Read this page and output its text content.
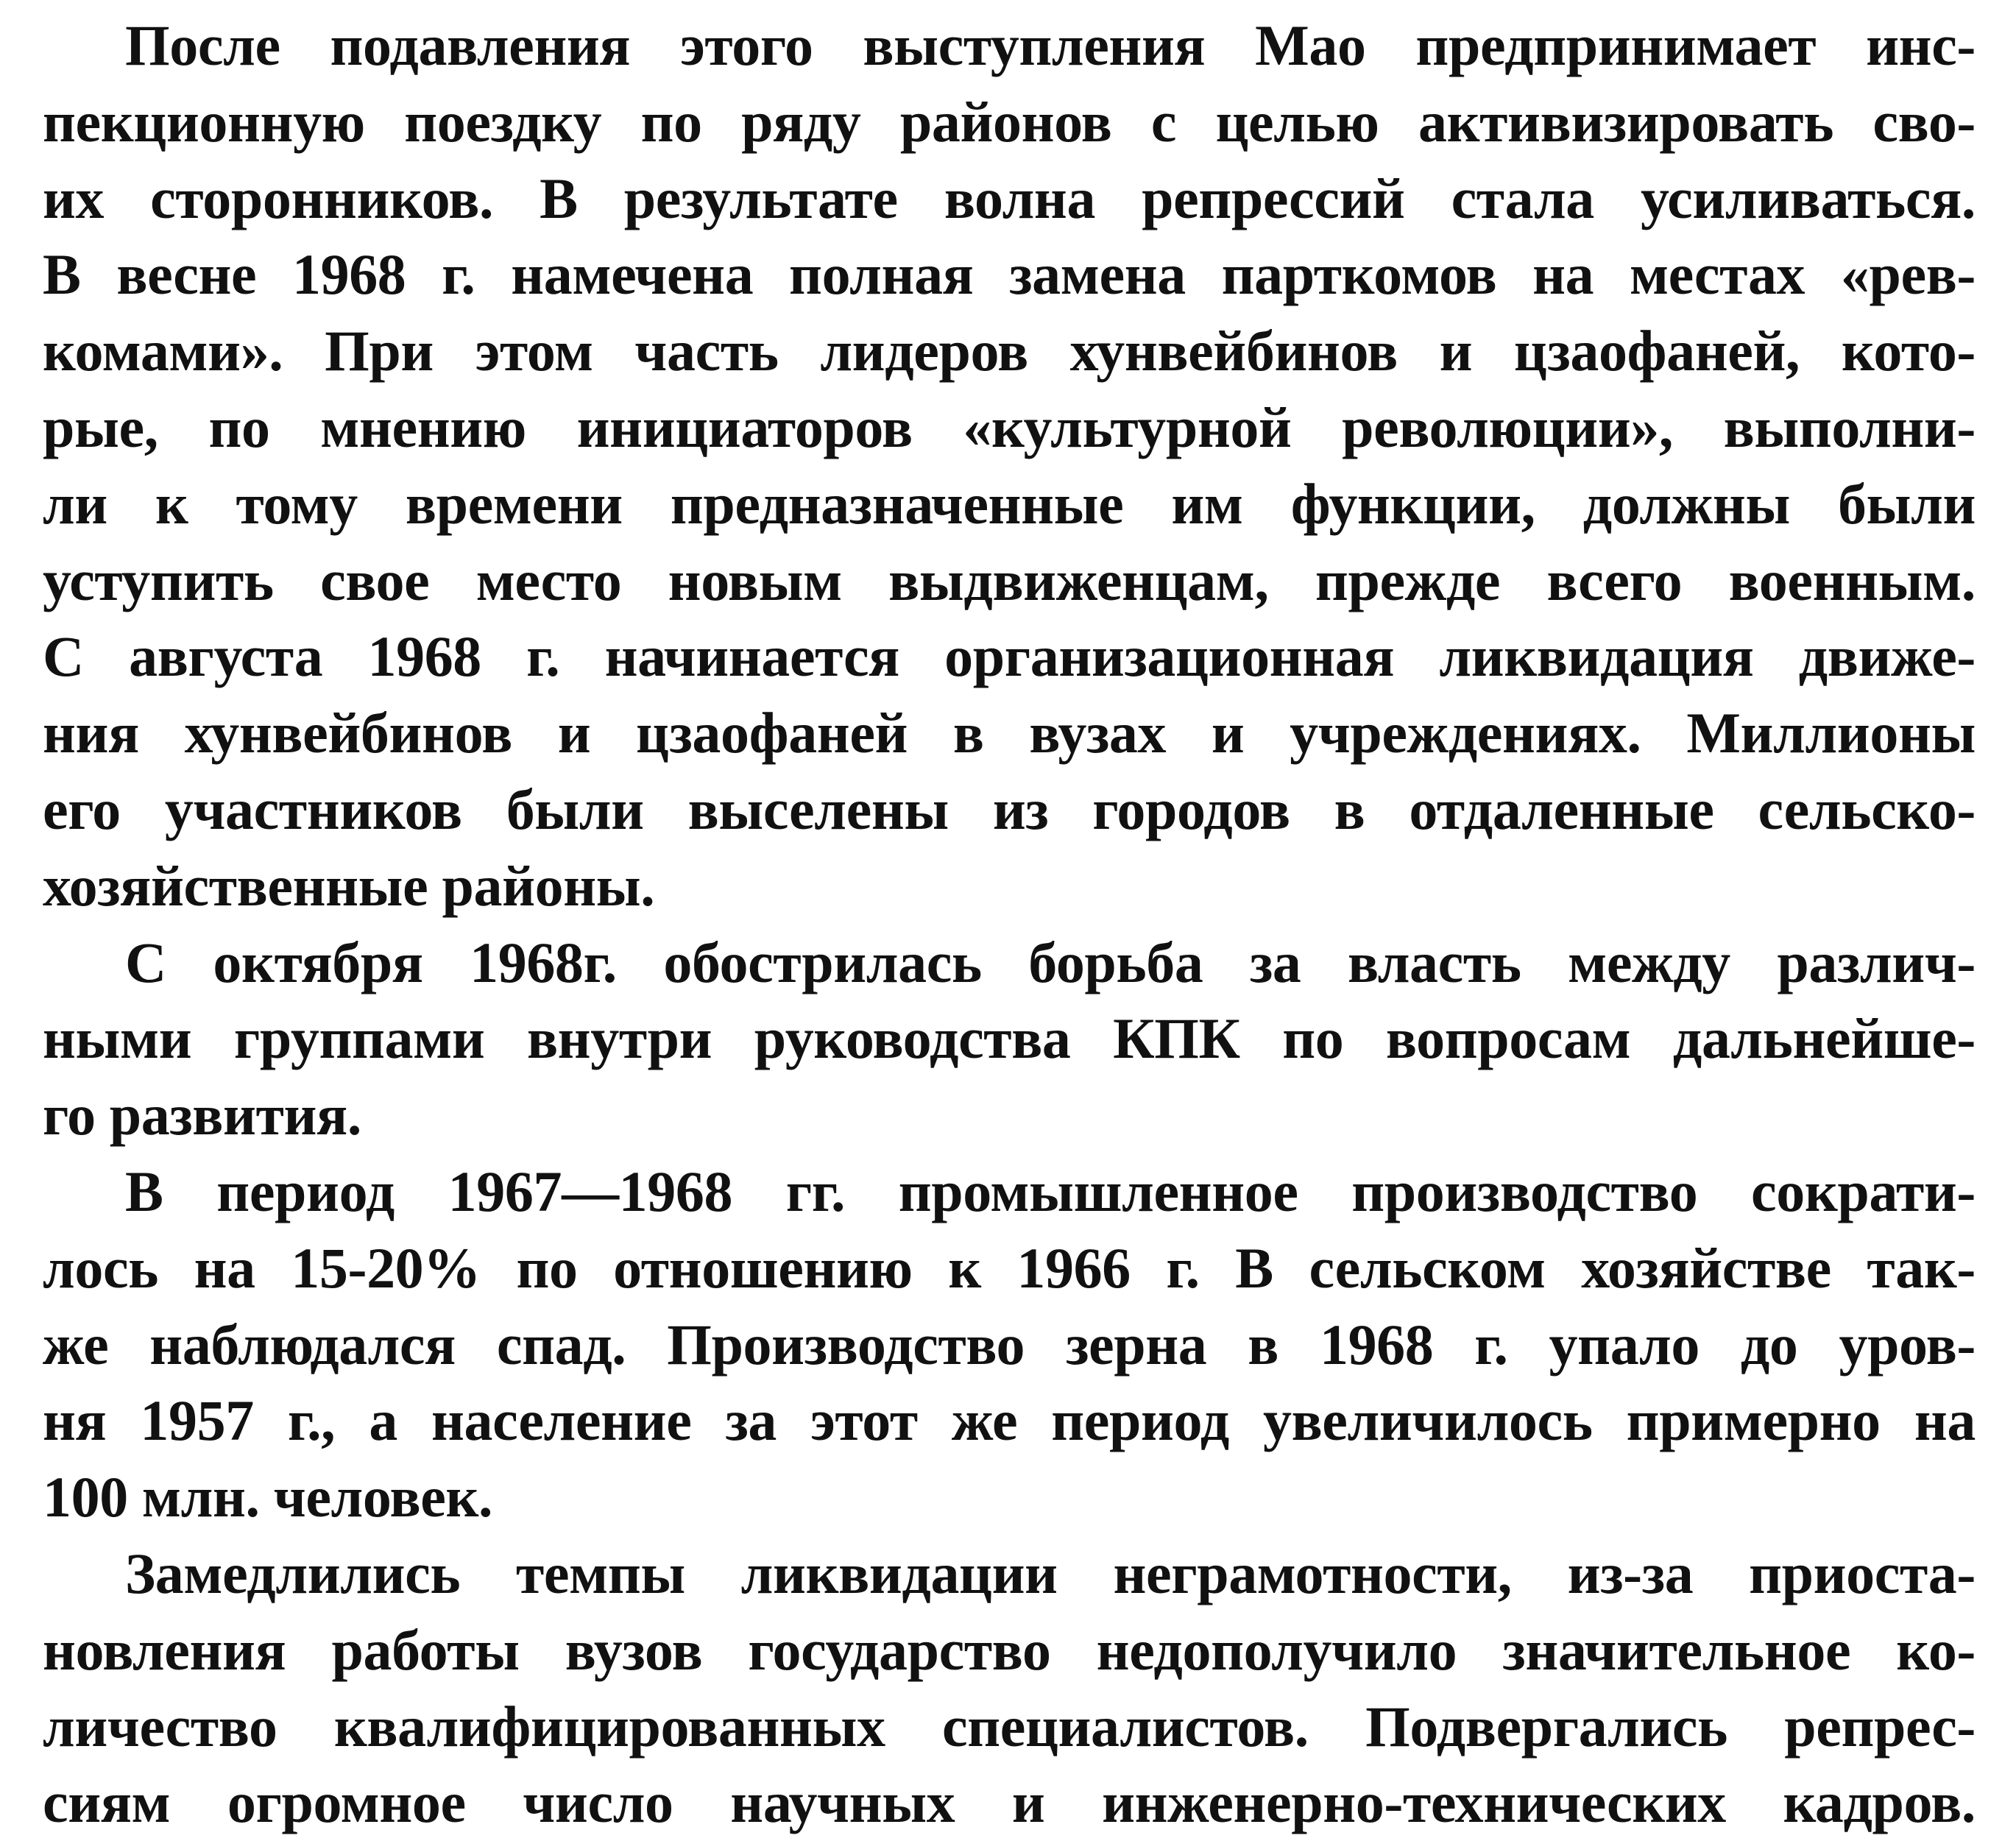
После подавления этого выступления Мао предпринимает инс-
пекционную поездку по ряду районов с целью активизировать сво-
их сторонников. В результате волна репрессий стала усиливаться.
В весне 1968 г. намечена полная замена парткомов на местах «рев-
комами». При этом часть лидеров хунвейбинов и цзаофаней, кото-
рые, по мнению инициаторов «культурной революции», выполни-
ли к тому времени предназначенные им функции, должны были
уступить свое место новым выдвиженцам, прежде всего военным.
С августа 1968 г. начинается организационная ликвидация движе-
ния хунвейбинов и цзаофаней в вузах и учреждениях. Миллионы
его участников были выселены из городов в отдаленные сельско-
хозяйственные районы.
С октября 1968г. обострилась борьба за власть между различ-
ными группами внутри руководства КПК по вопросам дальнейше-
го развития.
В период 1967—1968 гг. промышленное производство сократи-
лось на 15-20% по отношению к 1966 г. В сельском хозяйстве так-
же наблюдался спад. Производство зерна в 1968 г. упало до уров-
ня 1957 г., а население за этот же период увеличилось примерно на
100 млн. человек.
Замедлились темпы ликвидации неграмотности, из-за приоста-
новления работы вузов государство недополучило значительное ко-
личество квалифицированных специалистов. Подвергались репрес-
сиям огромное число научных и инженерно-технических кадров.
